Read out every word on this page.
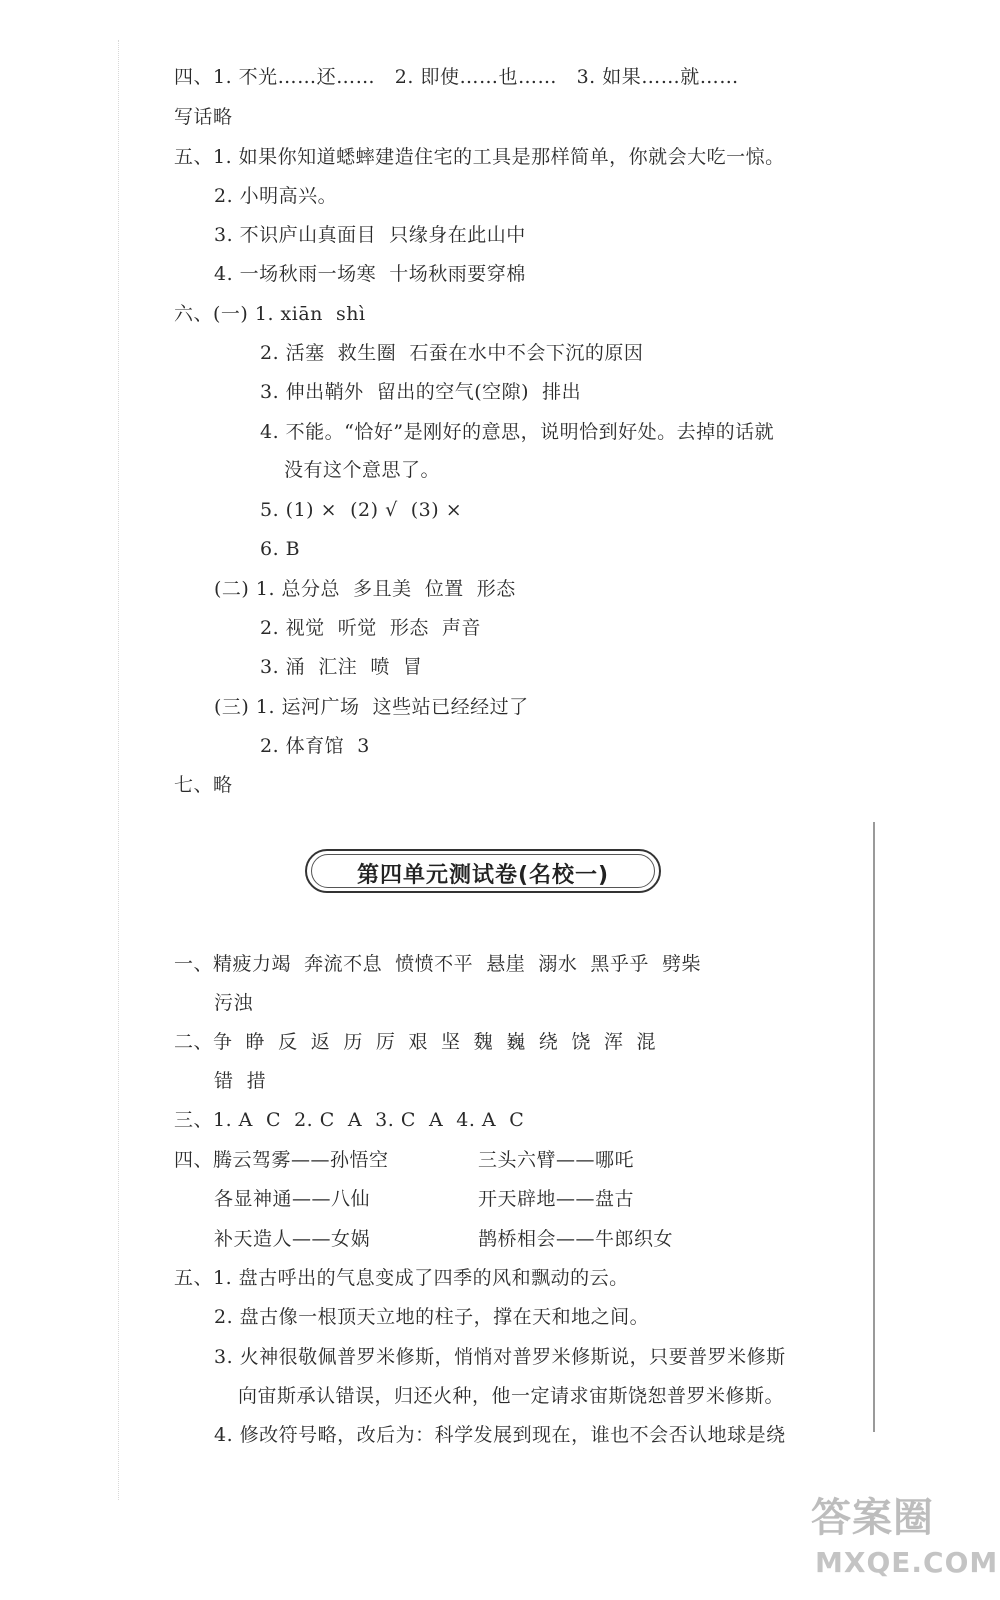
四、1. 不光……还……   2. 即使……也……   3. 如果……就……
写话略
五、1. 如果你知道蟋蟀建造住宅的工具是那样简单，你就会大吃一惊。
2. 小明高兴。
3. 不识庐山真面目  只缘身在此山中
4. 一场秋雨一场寒  十场秋雨要穿棉
六、(一) 1. xiān  shì
2. 活塞  救生圈  石蚕在水中不会下沉的原因
3. 伸出鞘外  留出的空气(空隙)  排出
4. 不能。“恰好”是刚好的意思，说明恰到好处。去掉的话就
没有这个意思了。
5. (1) ×  (2) √  (3) ×
6. B
(二) 1. 总分总  多且美  位置  形态
2. 视觉  听觉  形态  声音
3. 涌  汇注  喷  冒
(三) 1. 运河广场  这些站已经经过了
2. 体育馆  3
七、略
第四单元测试卷(名校一)
一、精疲力竭  奔流不息  愤愤不平  悬崖  溺水  黑乎乎  劈柴
污浊
二、争  睁  反  返  历  厉  艰  坚  魏  巍  绕  饶  浑  混
错  措
三、1. A  C  2. C  A  3. C  A  4. A  C
四、腾云驾雾——孙悟空	三头六臂——哪吒
各显神通——八仙	开天辟地——盘古
补天造人——女娲	鹊桥相会——牛郎织女
五、1. 盘古呼出的气息变成了四季的风和飘动的云。
2. 盘古像一根顶天立地的柱子，撑在天和地之间。
3. 火神很敬佩普罗米修斯，悄悄对普罗米修斯说，只要普罗米修斯
向宙斯承认错误，归还火种，他一定请求宙斯饶恕普罗米修斯。
4. 修改符号略，改后为：科学发展到现在，谁也不会否认地球是绕
答案圈
MXQE.COM
